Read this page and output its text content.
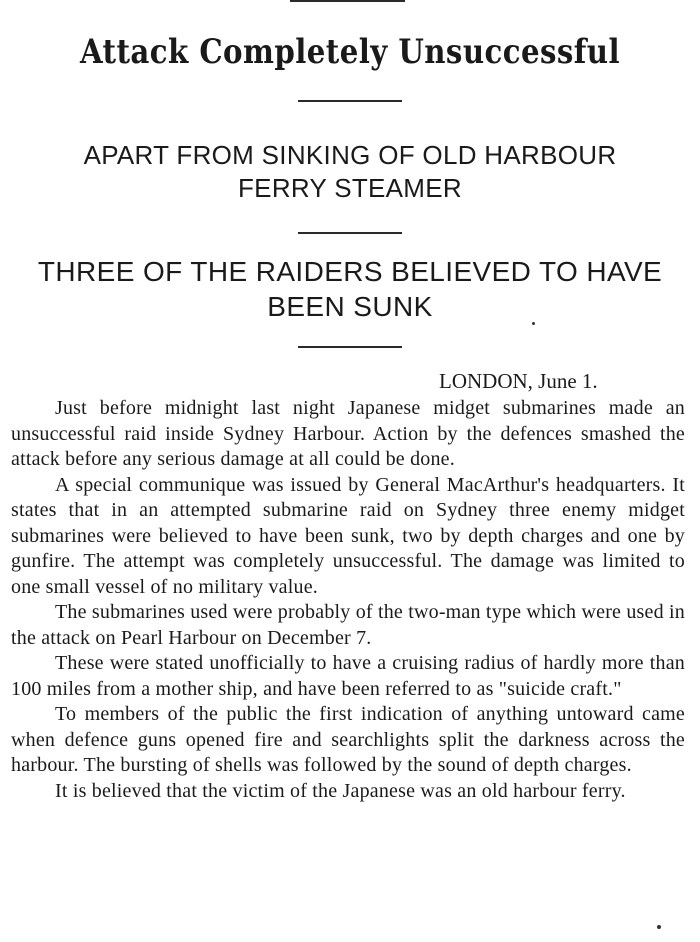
Attack Completely Unsuccessful
APART FROM SINKING OF OLD HARBOUR
FERRY STEAMER
THREE OF THE RAIDERS BELIEVED TO HAVE
BEEN SUNK
LONDON, June 1.

Just before midnight last night Japanese midget submarines made an unsuccessful raid inside Sydney Harbour. Action by the defences smashed the attack before any serious damage at all could be done.

A special communique was issued by General MacArthur's headquarters. It states that in an attempted submarine raid on Sydney three enemy midget submarines were believed to have been sunk, two by depth charges and one by gunfire. The attempt was completely unsuccessful. The damage was limited to one small vessel of no military value.

The submarines used were probably of the two-man type which were used in the attack on Pearl Harbour on December 7.

These were stated unofficially to have a cruising radius of hardly more than 100 miles from a mother ship, and have been referred to as "suicide craft."

To members of the public the first indication of anything untoward came when defence guns opened fire and searchlights split the darkness across the harbour. The bursting of shells was followed by the sound of depth charges.

It is believed that the victim of the Japanese was an old harbour ferry.
